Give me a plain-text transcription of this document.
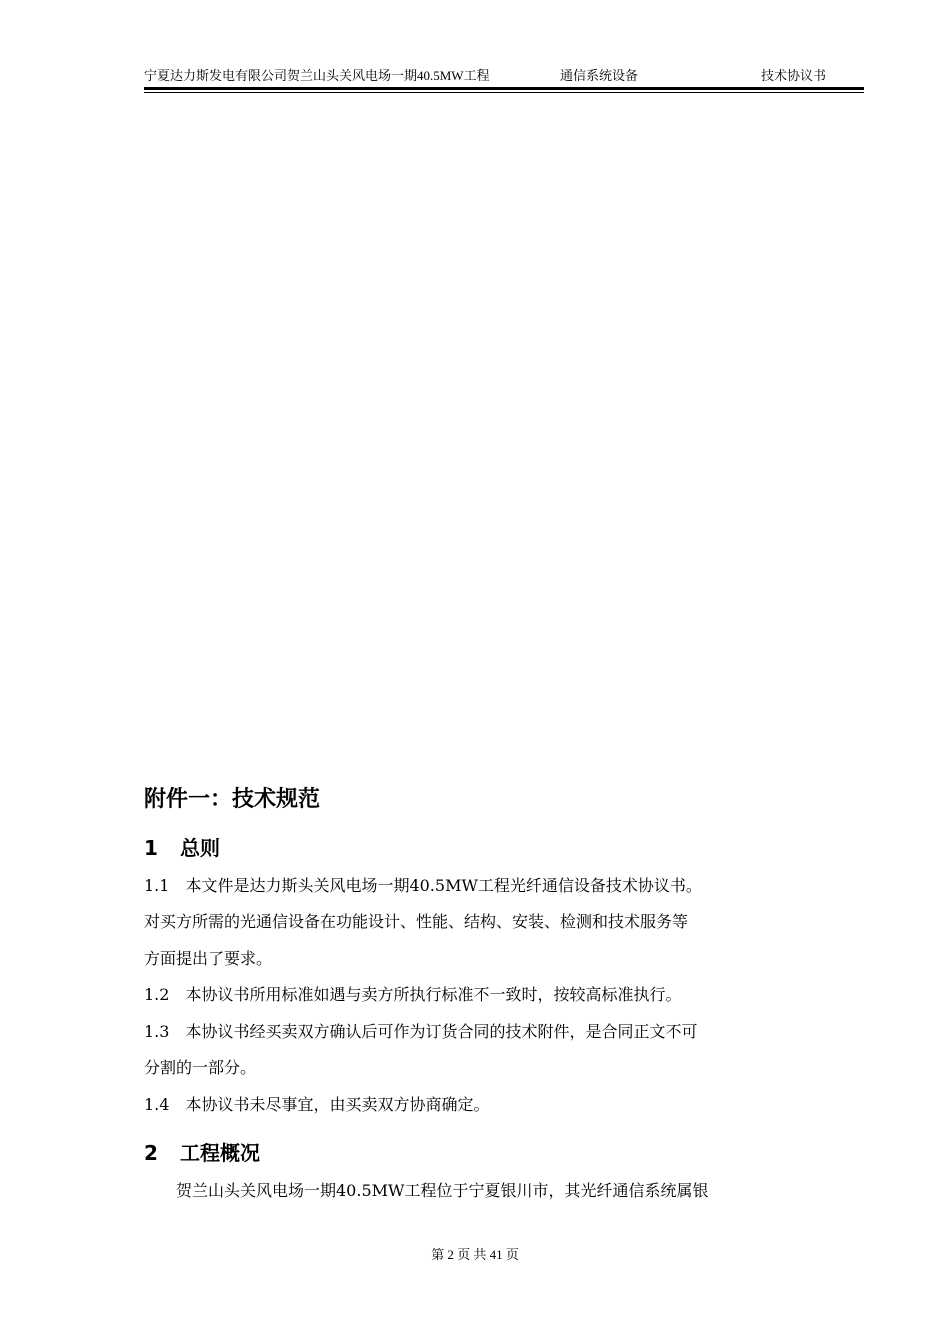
宁夏达力斯发电有限公司贺兰山头关风电场一期40.5MW工程	通信系统设备	技术协议书
附件一：技术规范
1 总则
1.1　本文件是达力斯头关风电场一期40.5MW工程光纤通信设备技术协议书。
对买方所需的光通信设备在功能设计、性能、结构、安装、检测和技术服务等
方面提出了要求。
1.2　本协议书所用标准如遇与卖方所执行标准不一致时，按较高标准执行。
1.3　本协议书经买卖双方确认后可作为订货合同的技术附件，是合同正文不可
分割的一部分。
1.4　本协议书未尽事宜，由买卖双方协商确定。
2 工程概况
　　贺兰山头关风电场一期40.5MW工程位于宁夏银川市，其光纤通信系统属银
第 2 页 共 41 页
